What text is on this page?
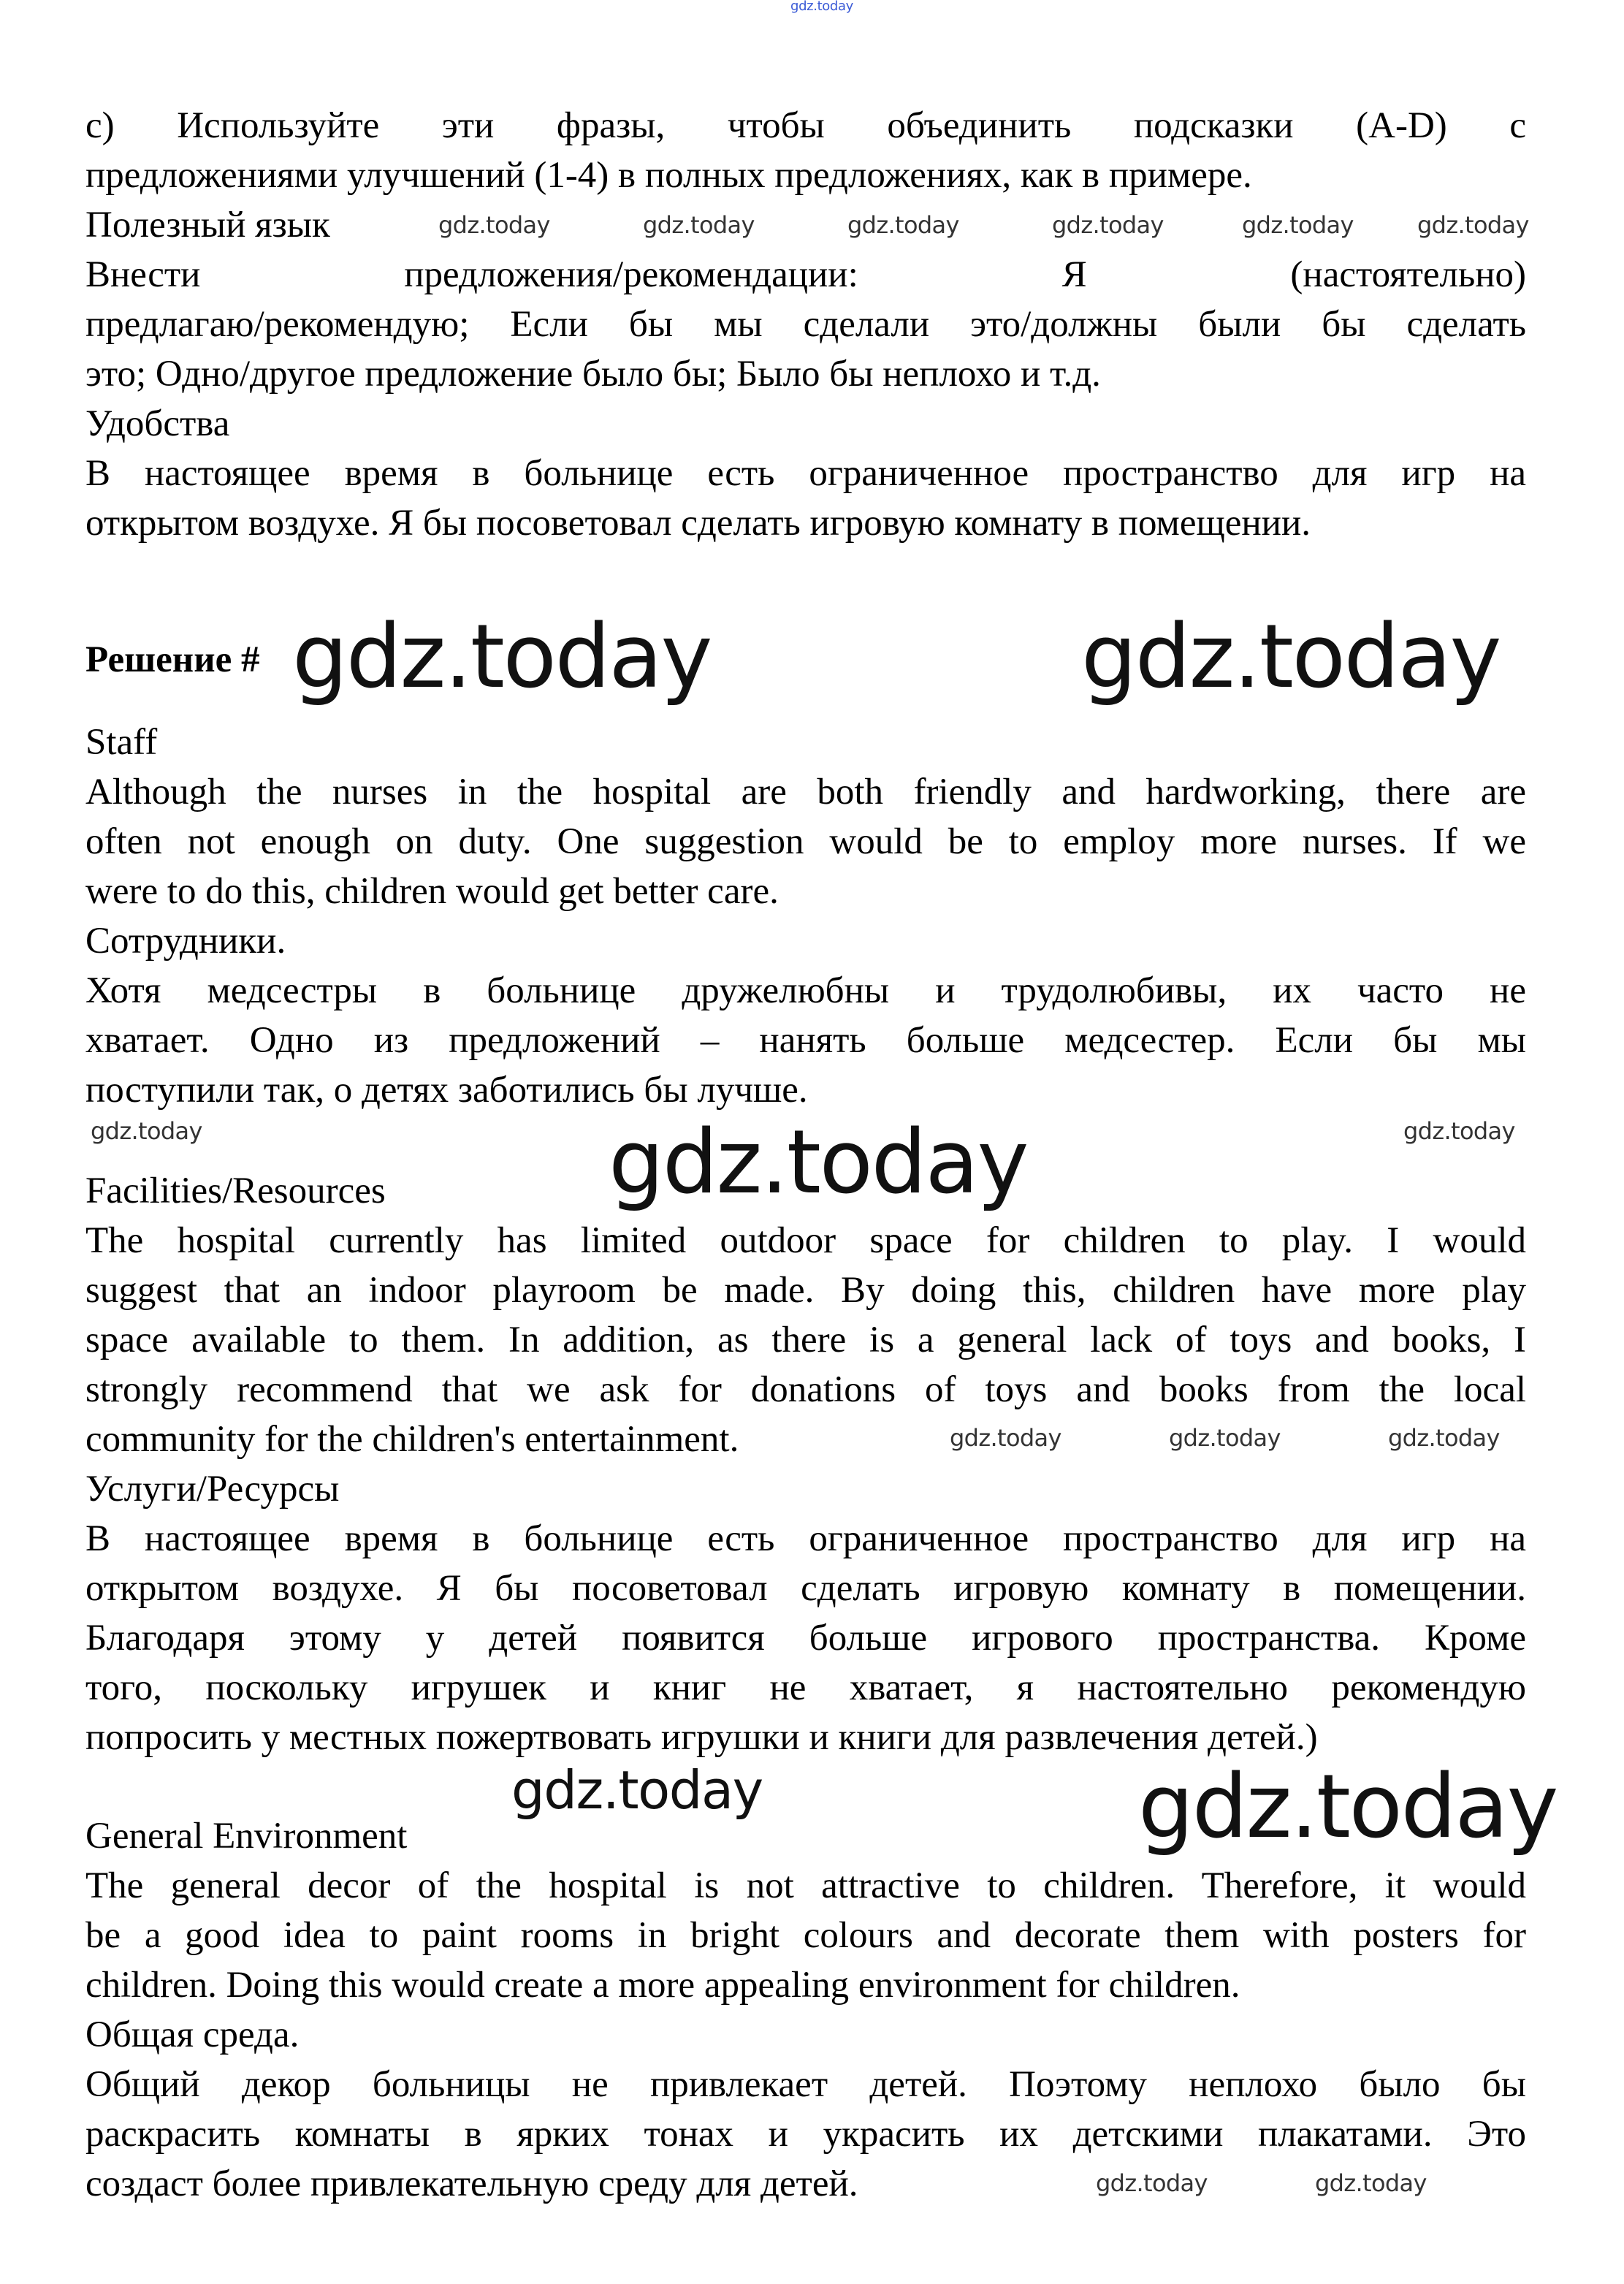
gdz.today
c) Используйте эти фразы, чтобы объединить подсказки (A-D) с
предложениями улучшений (1-4) в полных предложениях, как в примере.
Полезный язык
Внести предложения/рекомендации: Я (настоятельно)
предлагаю/рекомендую; Если бы мы сделали это/должны были бы сделать
это; Одно/другое предложение было бы; Было бы неплохо и т.д.
Удобства
В настоящее время в больнице есть ограниченное пространство для игр на
открытом воздухе. Я бы посоветовал сделать игровую комнату в помещении.
Решение #
Staff
Although the nurses in the hospital are both friendly and hardworking, there are
often not enough on duty. One suggestion would be to employ more nurses. If we
were to do this, children would get better care.
Сотрудники.
Хотя медсестры в больнице дружелюбны и трудолюбивы, их часто не
хватает. Одно из предложений – нанять больше медсестер. Если бы мы
поступили так, о детях заботились бы лучше.
Facilities/Resources
The hospital currently has limited outdoor space for children to play. I would
suggest that an indoor playroom be made. By doing this, children have more play
space available to them. In addition, as there is a general lack of toys and books, I
strongly recommend that we ask for donations of toys and books from the local
community for the children's entertainment.
Услуги/Ресурсы
В настоящее время в больнице есть ограниченное пространство для игр на
открытом воздухе. Я бы посоветовал сделать игровую комнату в помещении.
Благодаря этому у детей появится больше игрового пространства. Кроме
того, поскольку игрушек и книг не хватает, я настоятельно рекомендую
попросить у местных пожертвовать игрушки и книги для развлечения детей.)
General Environment
The general decor of the hospital is not attractive to children. Therefore, it would
be a good idea to paint rooms in bright colours and decorate them with posters for
children. Doing this would create a more appealing environment for children.
Общая среда.
Общий декор больницы не привлекает детей. Поэтому неплохо было бы
раскрасить комнаты в ярких тонах и украсить их детскими плакатами. Это
создаст более привлекательную среду для детей.
gdz.today	gdz.today	gdz.today	gdz.today	gdz.today	gdz.today
gdz.today	gdz.today
gdz.today	gdz.today
gdz.today
gdz.today	gdz.today	gdz.today
gdz.today	gdz.today
gdz.today	gdz.today
